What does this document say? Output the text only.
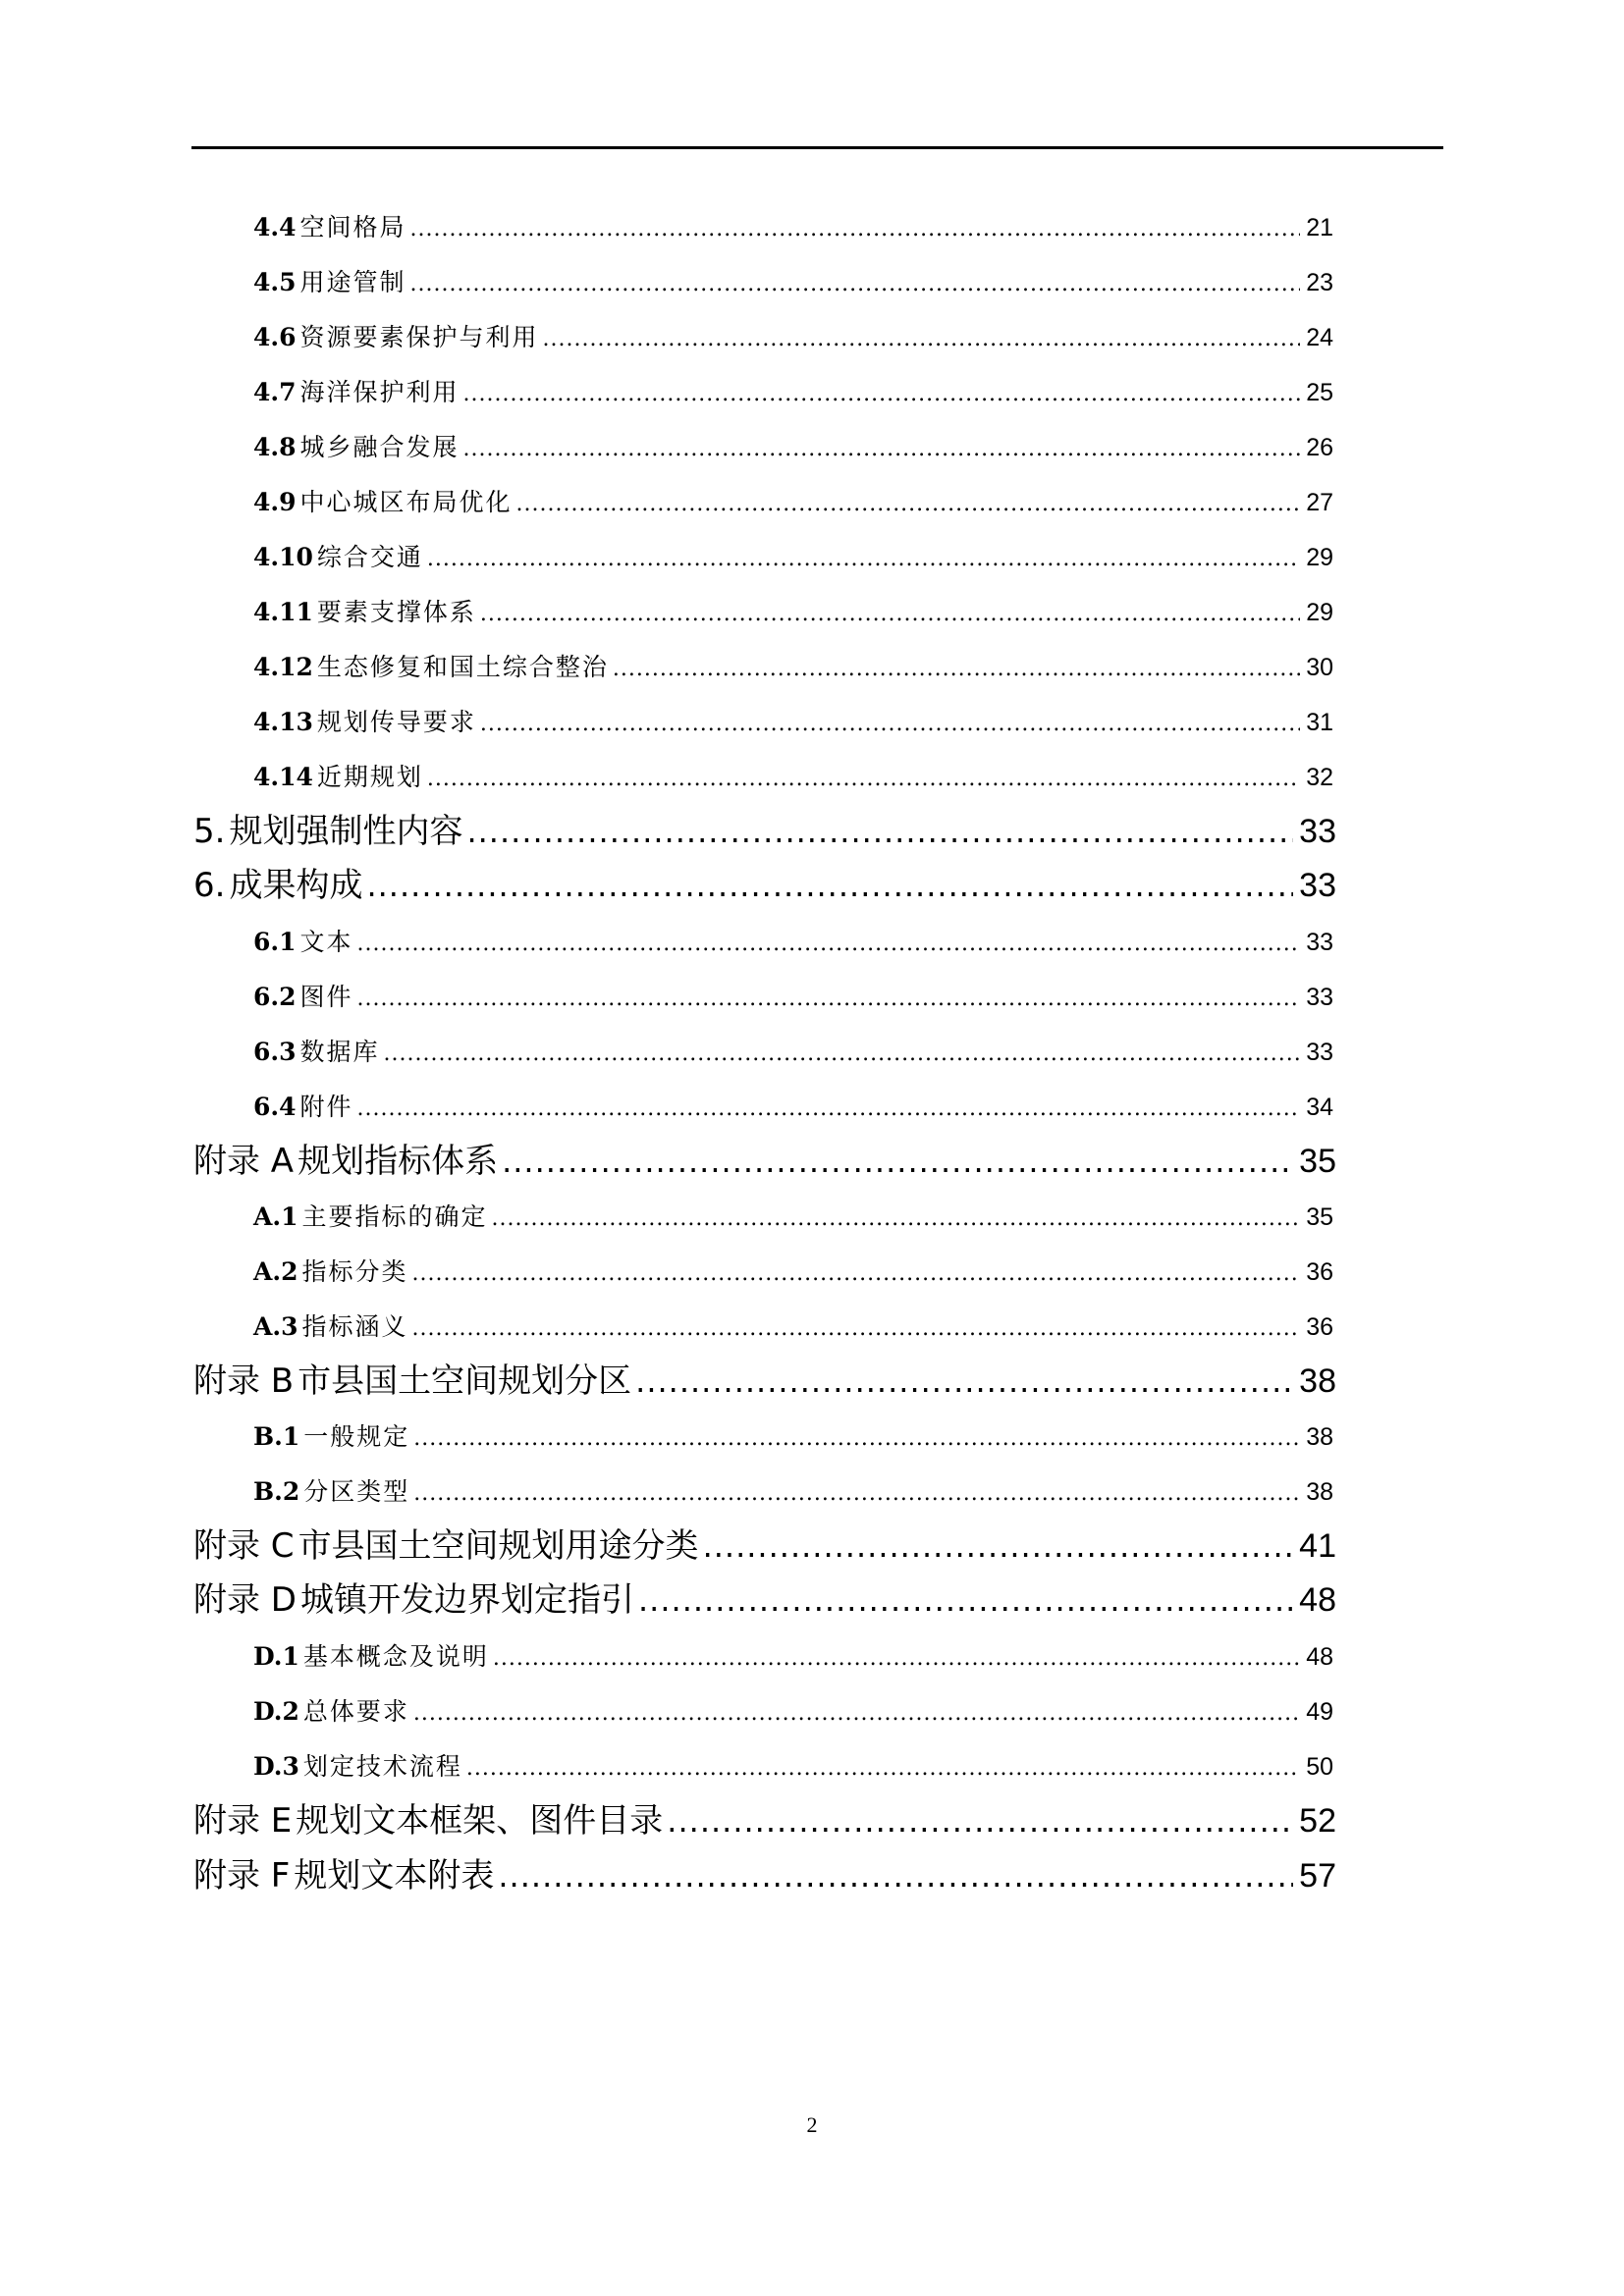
4.4 空间格局 .....	21
4.5 用途管制 .....	23
4.6 资源要素保护与利用 .....	24
4.7 海洋保护利用 .....	25
4.8 城乡融合发展 .....	26
4.9 中心城区布局优化 .....	27
4.10 综合交通 .....	29
4.11 要素支撑体系 .....	29
4.12 生态修复和国土综合整治 .....	30
4.13 规划传导要求 .....	31
4.14 近期规划 .....	32
5. 规划强制性内容 .....	33
6. 成果构成 .....	33
6.1 文本 .....	33
6.2 图件 .....	33
6.3 数据库 .....	33
6.4 附件 .....	34
附录 A 规划指标体系 .....	35
A.1 主要指标的确定 .....	35
A.2 指标分类 .....	36
A.3 指标涵义 .....	36
附录 B 市县国土空间规划分区 .....	38
B.1 一般规定 .....	38
B.2 分区类型 .....	38
附录 C 市县国土空间规划用途分类 .....	41
附录 D 城镇开发边界划定指引 .....	48
D.1 基本概念及说明 .....	48
D.2 总体要求 .....	49
D.3 划定技术流程 .....	50
附录 E 规划文本框架、图件目录 .....	52
附录 F 规划文本附表 .....	57
2
